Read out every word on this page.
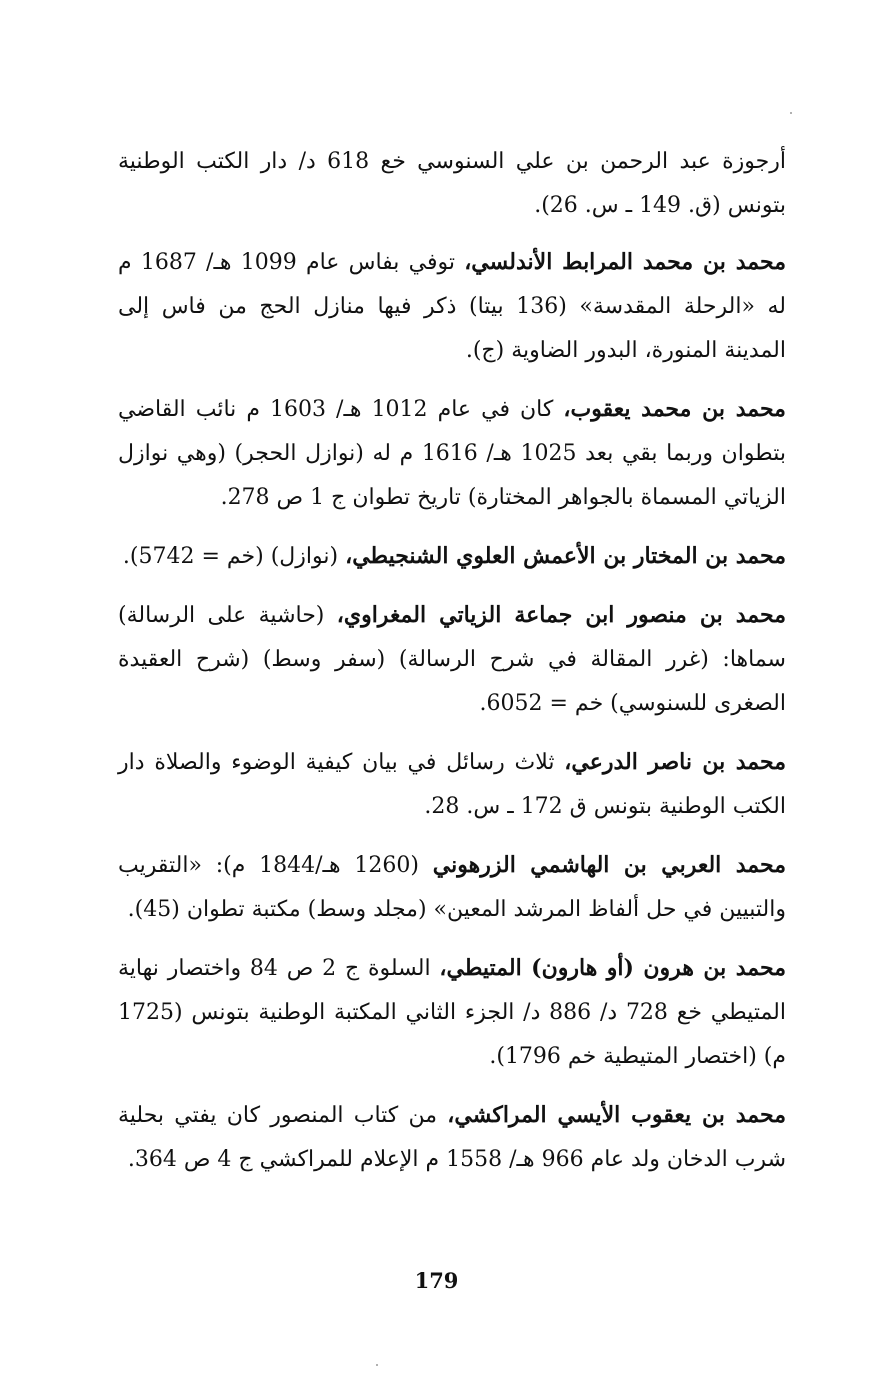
أرجوزة عبد الرحمن بن علي السنوسي خع 618 د/ دار الكتب الوطنية بتونس (ق. 149 ـ س. 26).

محمد بن محمد المرابط الأندلسي، توفي بفاس عام 1099 هـ/ 1687 م له «الرحلة المقدسة» (136 بيتا) ذكر فيها منازل الحج من فاس إلى المدينة المنورة، البدور الضاوية (ج).

محمد بن محمد يعقوب، كان في عام 1012 هـ/ 1603 م نائب القاضي بتطوان وربما بقي بعد 1025 هـ/ 1616 م له (نوازل الحجر) (وهي نوازل الزياتي المسماة بالجواهر المختارة) تاريخ تطوان ج 1 ص 278.

محمد بن المختار بن الأعمش العلوي الشنجيطي، (نوازل) (خم = 5742).

محمد بن منصور ابن جماعة الزياتي المغراوي، (حاشية على الرسالة) سماها: (غرر المقالة في شرح الرسالة) (سفر وسط) (شرح العقيدة الصغرى للسنوسي) خم = 6052.

محمد بن ناصر الدرعي، ثلاث رسائل في بيان كيفية الوضوء والصلاة دار الكتب الوطنية بتونس ق 172 ـ س. 28.

محمد العربي بن الهاشمي الزرهوني (1260 هـ/1844 م): «التقريب والتبيين في حل ألفاظ المرشد المعين» (مجلد وسط) مكتبة تطوان (45).

محمد بن هرون (أو هارون) المتيطي، السلوة ج 2 ص 84 واختصار نهاية المتيطي خع 728 د/ 886 د/ الجزء الثاني المكتبة الوطنية بتونس (1725 م) (اختصار المتيطية خم 1796).

محمد بن يعقوب الأيسي المراكشي، من كتاب المنصور كان يفتي بحلية شرب الدخان ولد عام 966 هـ/ 1558 م الإعلام للمراكشي ج 4 ص 364.

179
